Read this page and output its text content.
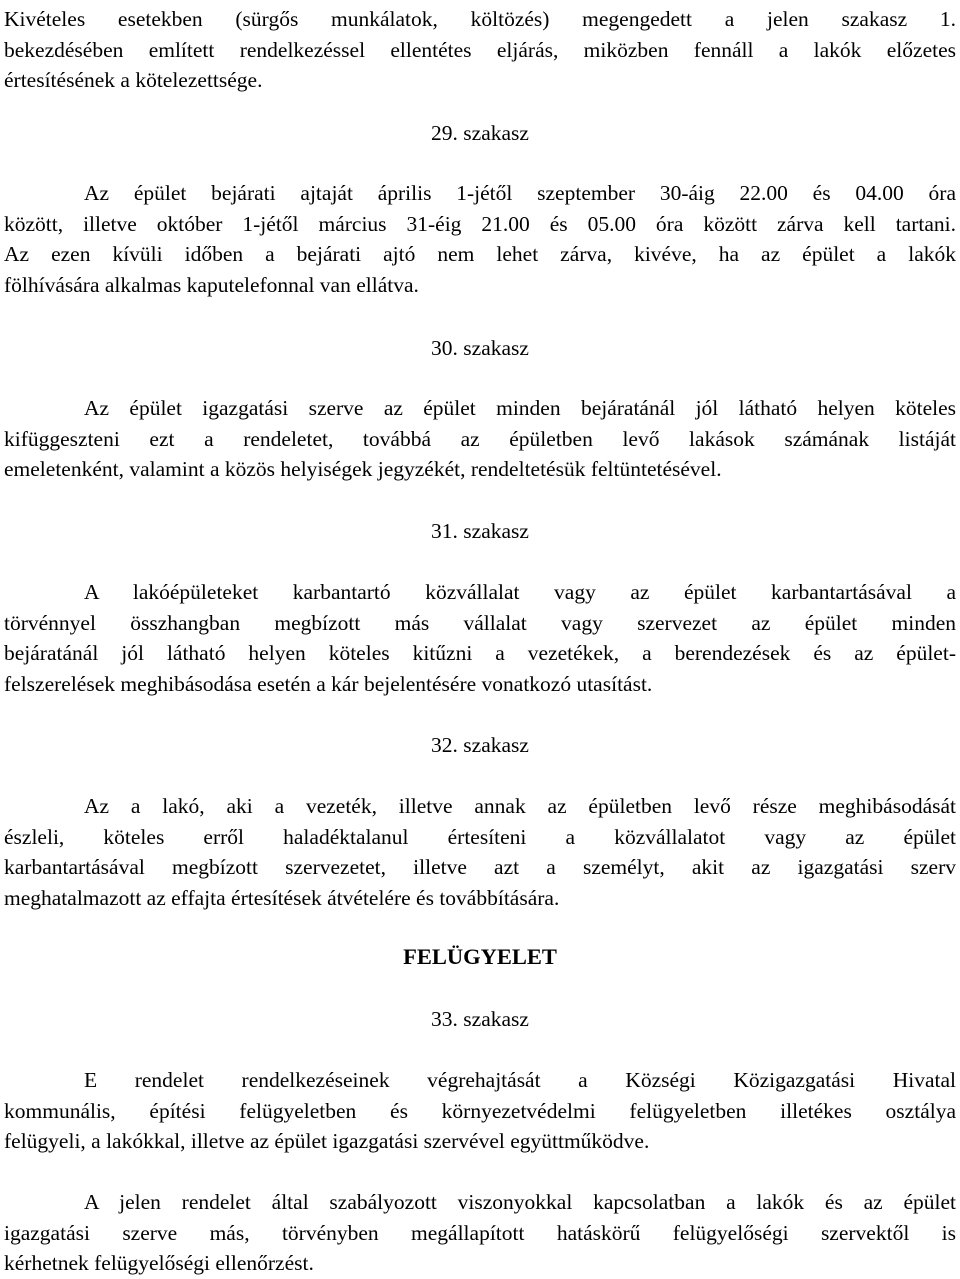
Kivételes esetekben (sürgős munkálatok, költözés) megengedett a jelen szakasz 1.
bekezdésében említett rendelkezéssel ellentétes eljárás, miközben fennáll a lakók előzetes
értesítésének a kötelezettsége.
29. szakasz
Az épület bejárati ajtaját április 1-jétől szeptember 30-áig 22.00 és 04.00 óra
között, illetve október 1-jétől március 31-éig 21.00 és 05.00 óra között zárva kell tartani.
Az ezen kívüli időben a bejárati ajtó nem lehet zárva, kivéve, ha az épület a lakók
fölhívására alkalmas kaputelefonnal van ellátva.
30. szakasz
Az épület igazgatási szerve az épület minden bejáratánál jól látható helyen köteles
kifüggeszteni ezt a rendeletet, továbbá az épületben levő lakások számának listáját
emeletenként, valamint a közös helyiségek jegyzékét, rendeltetésük feltüntetésével.
31. szakasz
A lakóépületeket karbantartó közvállalat vagy az épület karbantartásával a
törvénnyel összhangban megbízott más vállalat vagy szervezet az épület minden
bejáratánál jól látható helyen köteles kitűzni a vezetékek, a berendezések és az épület-
felszerelések meghibásodása esetén a kár bejelentésére vonatkozó utasítást.
32. szakasz
Az a lakó, aki a vezeték, illetve annak az épületben levő része meghibásodását
észleli, köteles erről haladéktalanul értesíteni a közvállalatot vagy az épület
karbantartásával megbízott szervezetet, illetve azt a személyt, akit az igazgatási szerv
meghatalmazott az effajta értesítések átvételére és továbbítására.
FELÜGYELET
33. szakasz
E rendelet rendelkezéseinek végrehajtását a Községi Közigazgatási Hivatal
kommunális, építési felügyeletben és környezetvédelmi felügyeletben illetékes osztálya
felügyeli, a lakókkal, illetve az épület igazgatási szervével együttműködve.
A jelen rendelet által szabályozott viszonyokkal kapcsolatban a lakók és az épület
igazgatási szerve más, törvényben megállapított hatáskörű felügyelőségi szervektől is
kérhetnek felügyelőségi ellenőrzést.
